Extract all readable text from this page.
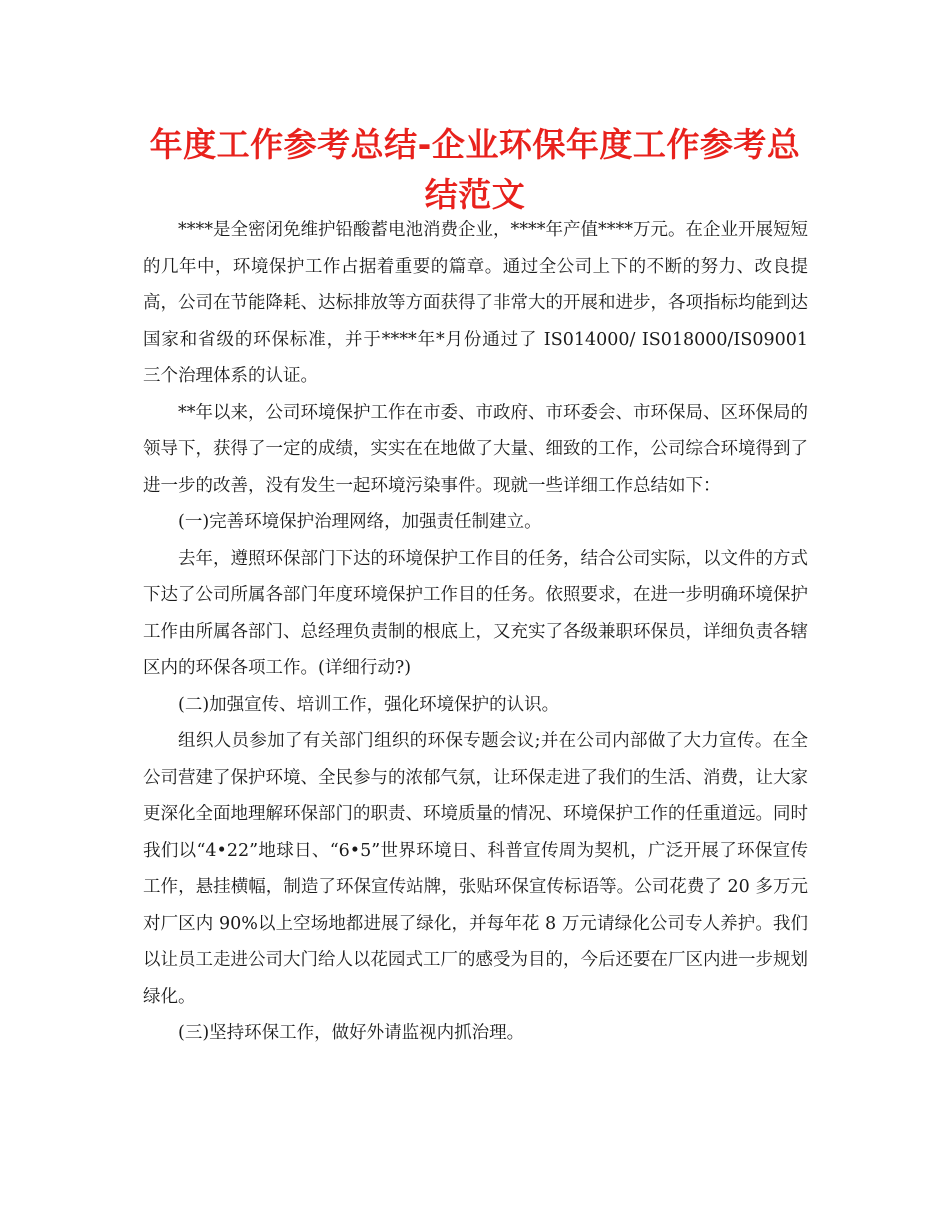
年度工作参考总结-企业环保年度工作参考总结范文

****是全密闭免维护铅酸蓄电池消费企业，****年产值****万元。在企业开展短短的几年中，环境保护工作占据着重要的篇章。通过全公司上下的不断的努力、改良提高，公司在节能降耗、达标排放等方面获得了非常大的开展和进步，各项指标均能到达国家和省级的环保标准，并于****年*月份通过了 IS014000/ IS018000/IS09001 三个治理体系的认证。

**年以来，公司环境保护工作在市委、市政府、市环委会、市环保局、区环保局的领导下，获得了一定的成绩，实实在在地做了大量、细致的工作，公司综合环境得到了进一步的改善，没有发生一起环境污染事件。现就一些详细工作总结如下：

(一)完善环境保护治理网络，加强责任制建立。

去年，遵照环保部门下达的环境保护工作目的任务，结合公司实际，以文件的方式下达了公司所属各部门年度环境保护工作目的任务。依照要求，在进一步明确环境保护工作由所属各部门、总经理负责制的根底上，又充实了各级兼职环保员，详细负责各辖区内的环保各项工作。(详细行动?)

(二)加强宣传、培训工作，强化环境保护的认识。

组织人员参加了有关部门组织的环保专题会议;并在公司内部做了大力宣传。在全公司营建了保护环境、全民参与的浓郁气氛，让环保走进了我们的生活、消费，让大家更深化全面地理解环保部门的职责、环境质量的情况、环境保护工作的任重道远。同时我们以“4•22”地球日、“6•5”世界环境日、科普宣传周为契机，广泛开展了环保宣传工作，悬挂横幅，制造了环保宣传站牌，张贴环保宣传标语等。公司花费了 20 多万元对厂区内 90%以上空场地都进展了绿化，并每年花 8 万元请绿化公司专人养护。我们以让员工走进公司大门给人以花园式工厂的感受为目的，今后还要在厂区内进一步规划绿化。

(三)坚持环保工作，做好外请监视内抓治理。
